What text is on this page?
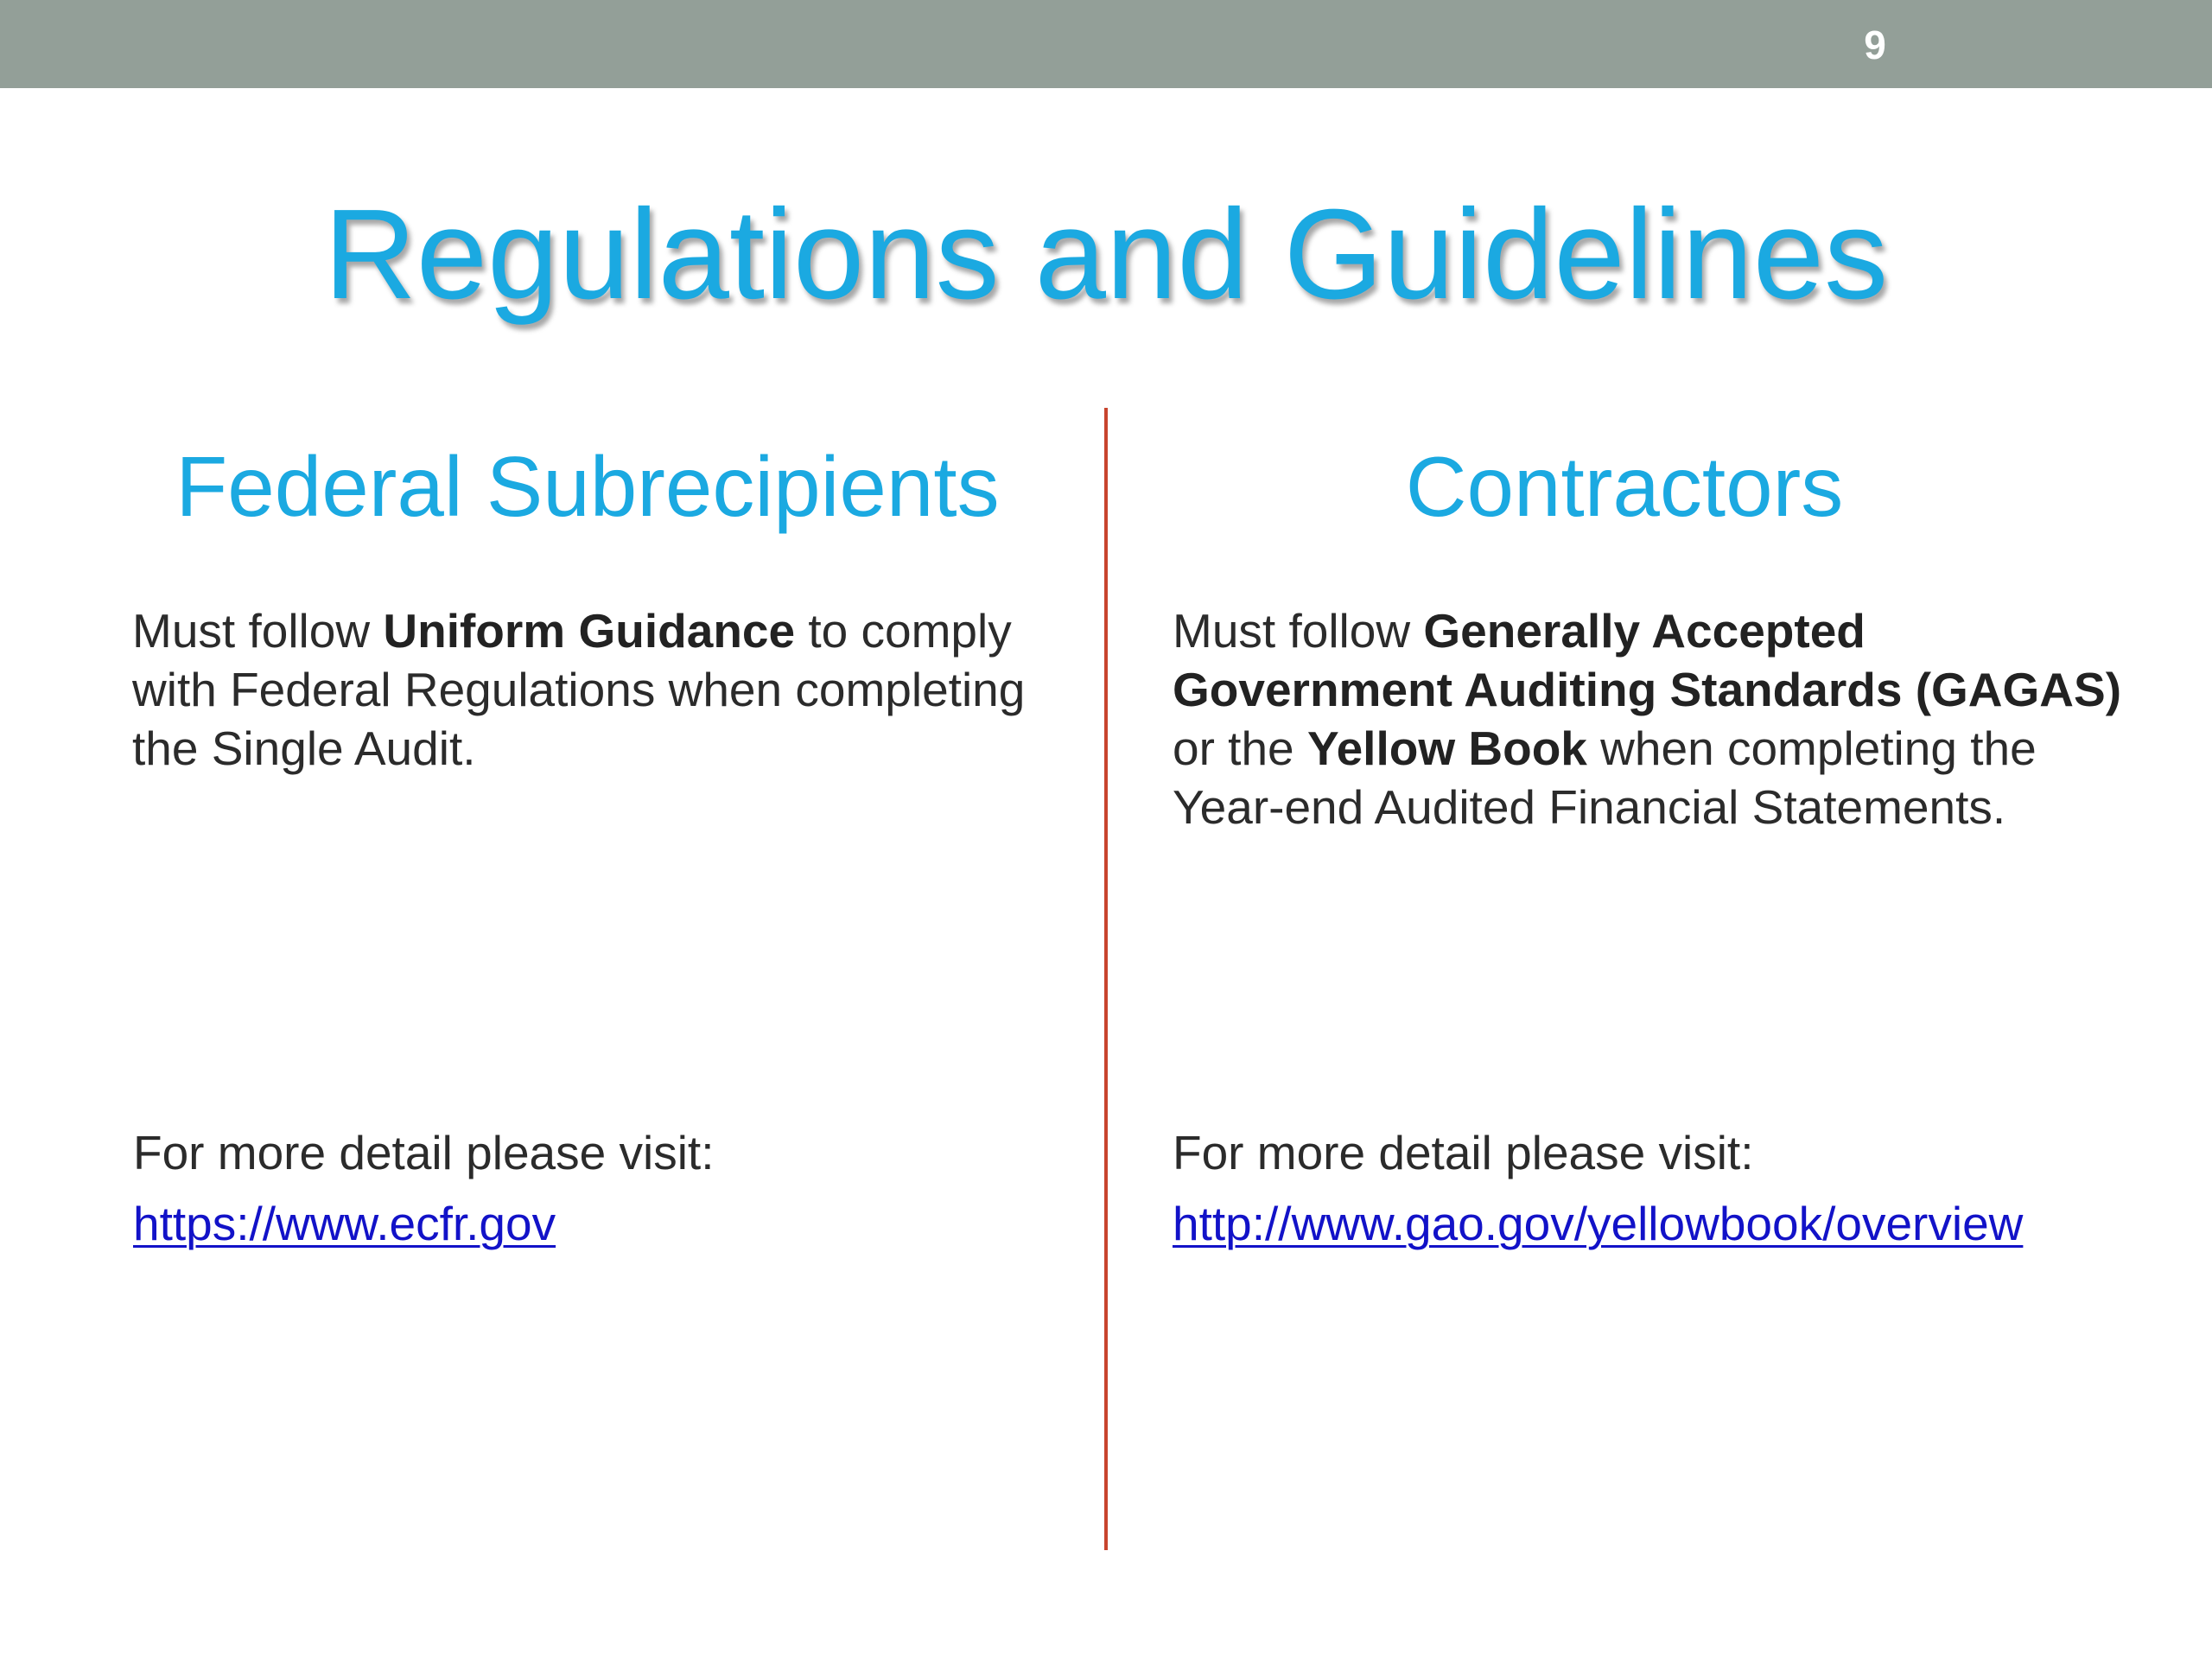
9
Regulations and Guidelines
Federal Subrecipients	Contractors
Must follow Uniform Guidance to comply with Federal Regulations when completing the Single Audit.
Must follow Generally Accepted Government Auditing Standards (GAGAS) or the Yellow Book when completing the Year-end Audited Financial Statements.
For more detail please visit:	For more detail please visit:
https://www.ecfr.gov	http://www.gao.gov/yellowbook/overview
